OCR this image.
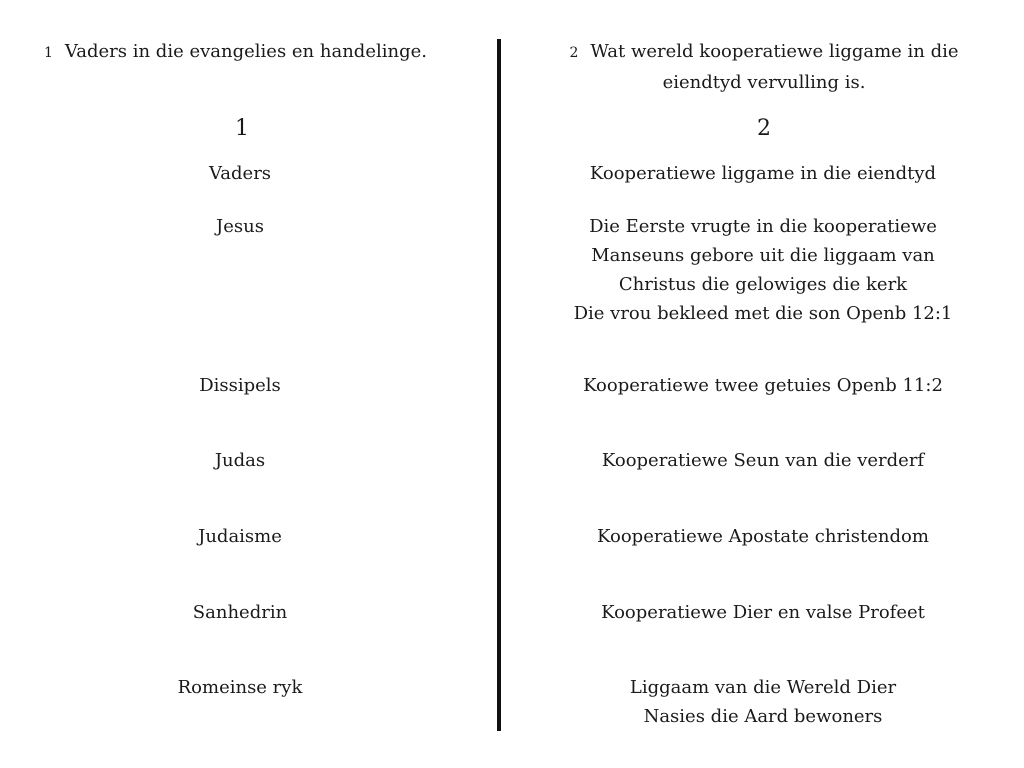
1 Vaders in die evangelies en handelinge.	2 Wat wereld kooperatiewe liggame in die
eiendtyd vervulling is.
1	2
Vaders	Kooperatiewe liggame in die eiendtyd
Jesus	Die Eerste vrugte in die kooperatiewe
Manseuns gebore uit die liggaam van
Christus die gelowiges die kerk
Die vrou bekleed met die son Openb 12:1
Dissipels	Kooperatiewe twee getuies Openb 11:2
Judas	Kooperatiewe Seun van die verderf
Judaisme	Kooperatiewe Apostate christendom
Sanhedrin	Kooperatiewe Dier en valse Profeet
Romeinse ryk	Liggaam van die Wereld Dier
Nasies die Aard bewoners
